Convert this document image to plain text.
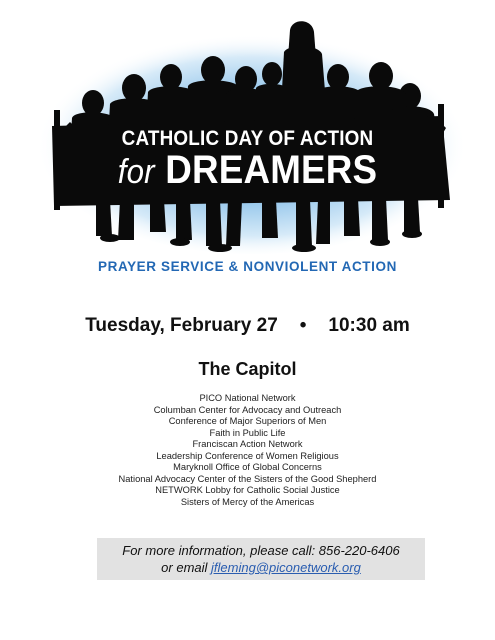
CATHOLIC DAY OF ACTION
for DREAMERS
PRAYER SERVICE & NONVIOLENT ACTION
Tuesday, February 27 • 10:30 am
The Capitol
PICO National Network
Columban Center for Advocacy and Outreach
Conference of Major Superiors of Men
Faith in Public Life
Franciscan Action Network
Leadership Conference of Women Religious
Maryknoll Office of Global Concerns
National Advocacy Center of the Sisters of the Good Shepherd
NETWORK Lobby for Catholic Social Justice
Sisters of Mercy of the Americas
For more information, please call: 856-220-6406
or email jfleming@piconetwork.org
